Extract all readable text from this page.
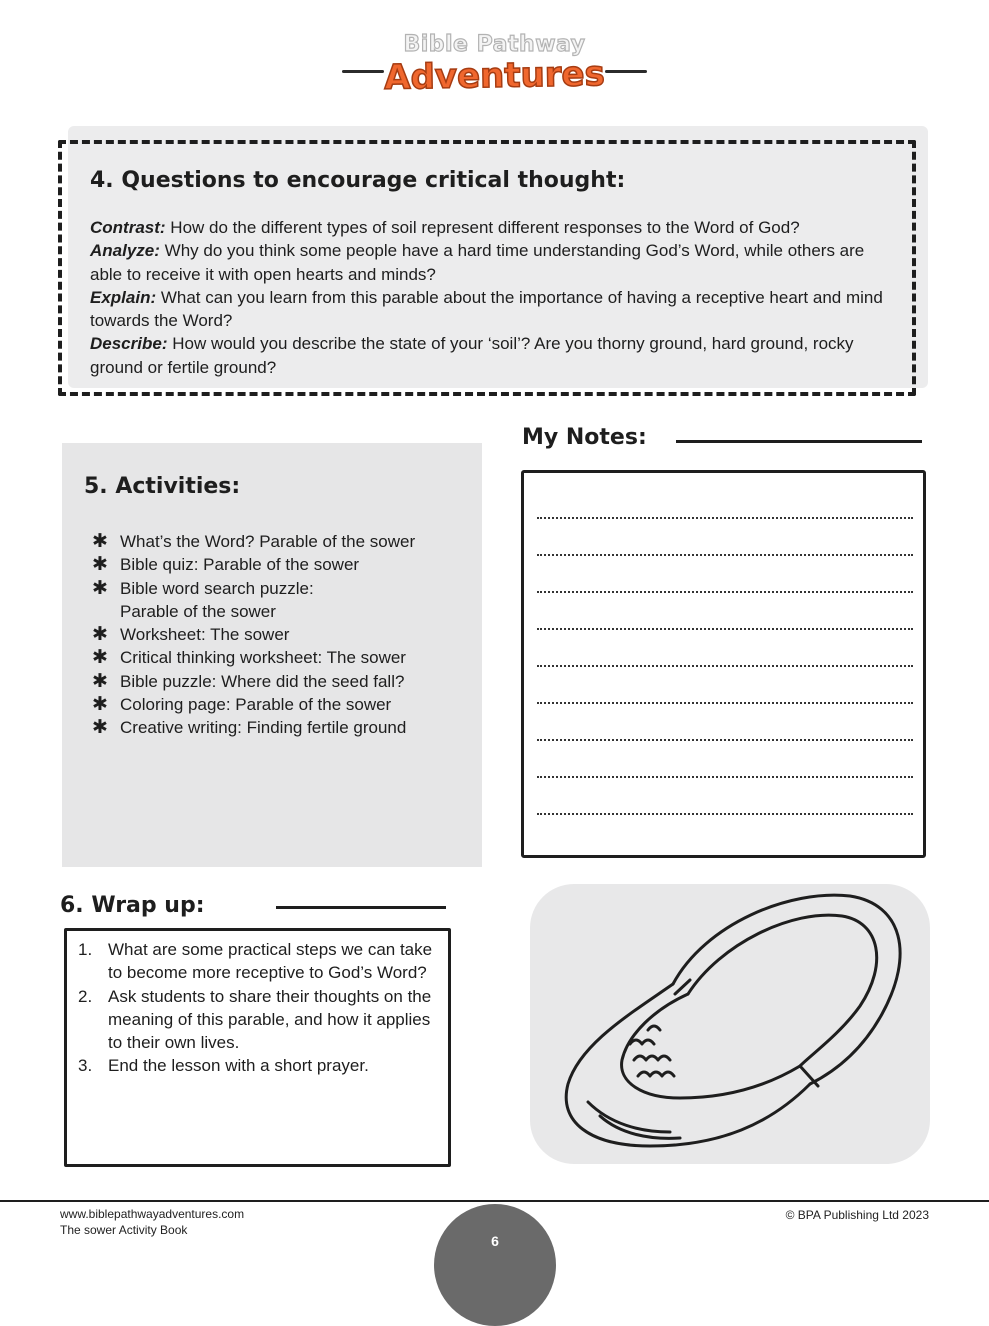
Bible Pathway
Adventures
4. Questions to encourage critical thought:

Contrast: How do the different types of soil represent different responses to the Word of God?

Analyze: Why do you think some people have a hard time understanding God’s Word, while others are able to receive it with open hearts and minds?

Explain: What can you learn from this parable about the importance of having a receptive heart and mind towards the Word?

Describe: How would you describe the state of your ‘soil’? Are you thorny ground, hard ground, rocky ground or fertile ground?

5. Activities:
✱ What’s the Word? Parable of the sower
✱ Bible quiz: Parable of the sower
✱ Bible word search puzzle: Parable of the sower
✱ Worksheet: The sower
✱ Critical thinking worksheet: The sower
✱ Bible puzzle: Where did the seed fall?
✱ Coloring page: Parable of the sower
✱ Creative writing: Finding fertile ground
My Notes:
6. Wrap up:
1. What are some practical steps we can take to become more receptive to God’s Word?
2. Ask students to share their thoughts on the meaning of this parable, and how it applies to their own lives.
3. End the lesson with a short prayer.
www.biblepathwayadventures.com
The sower Activity Book
© BPA Publishing Ltd 2023
6
